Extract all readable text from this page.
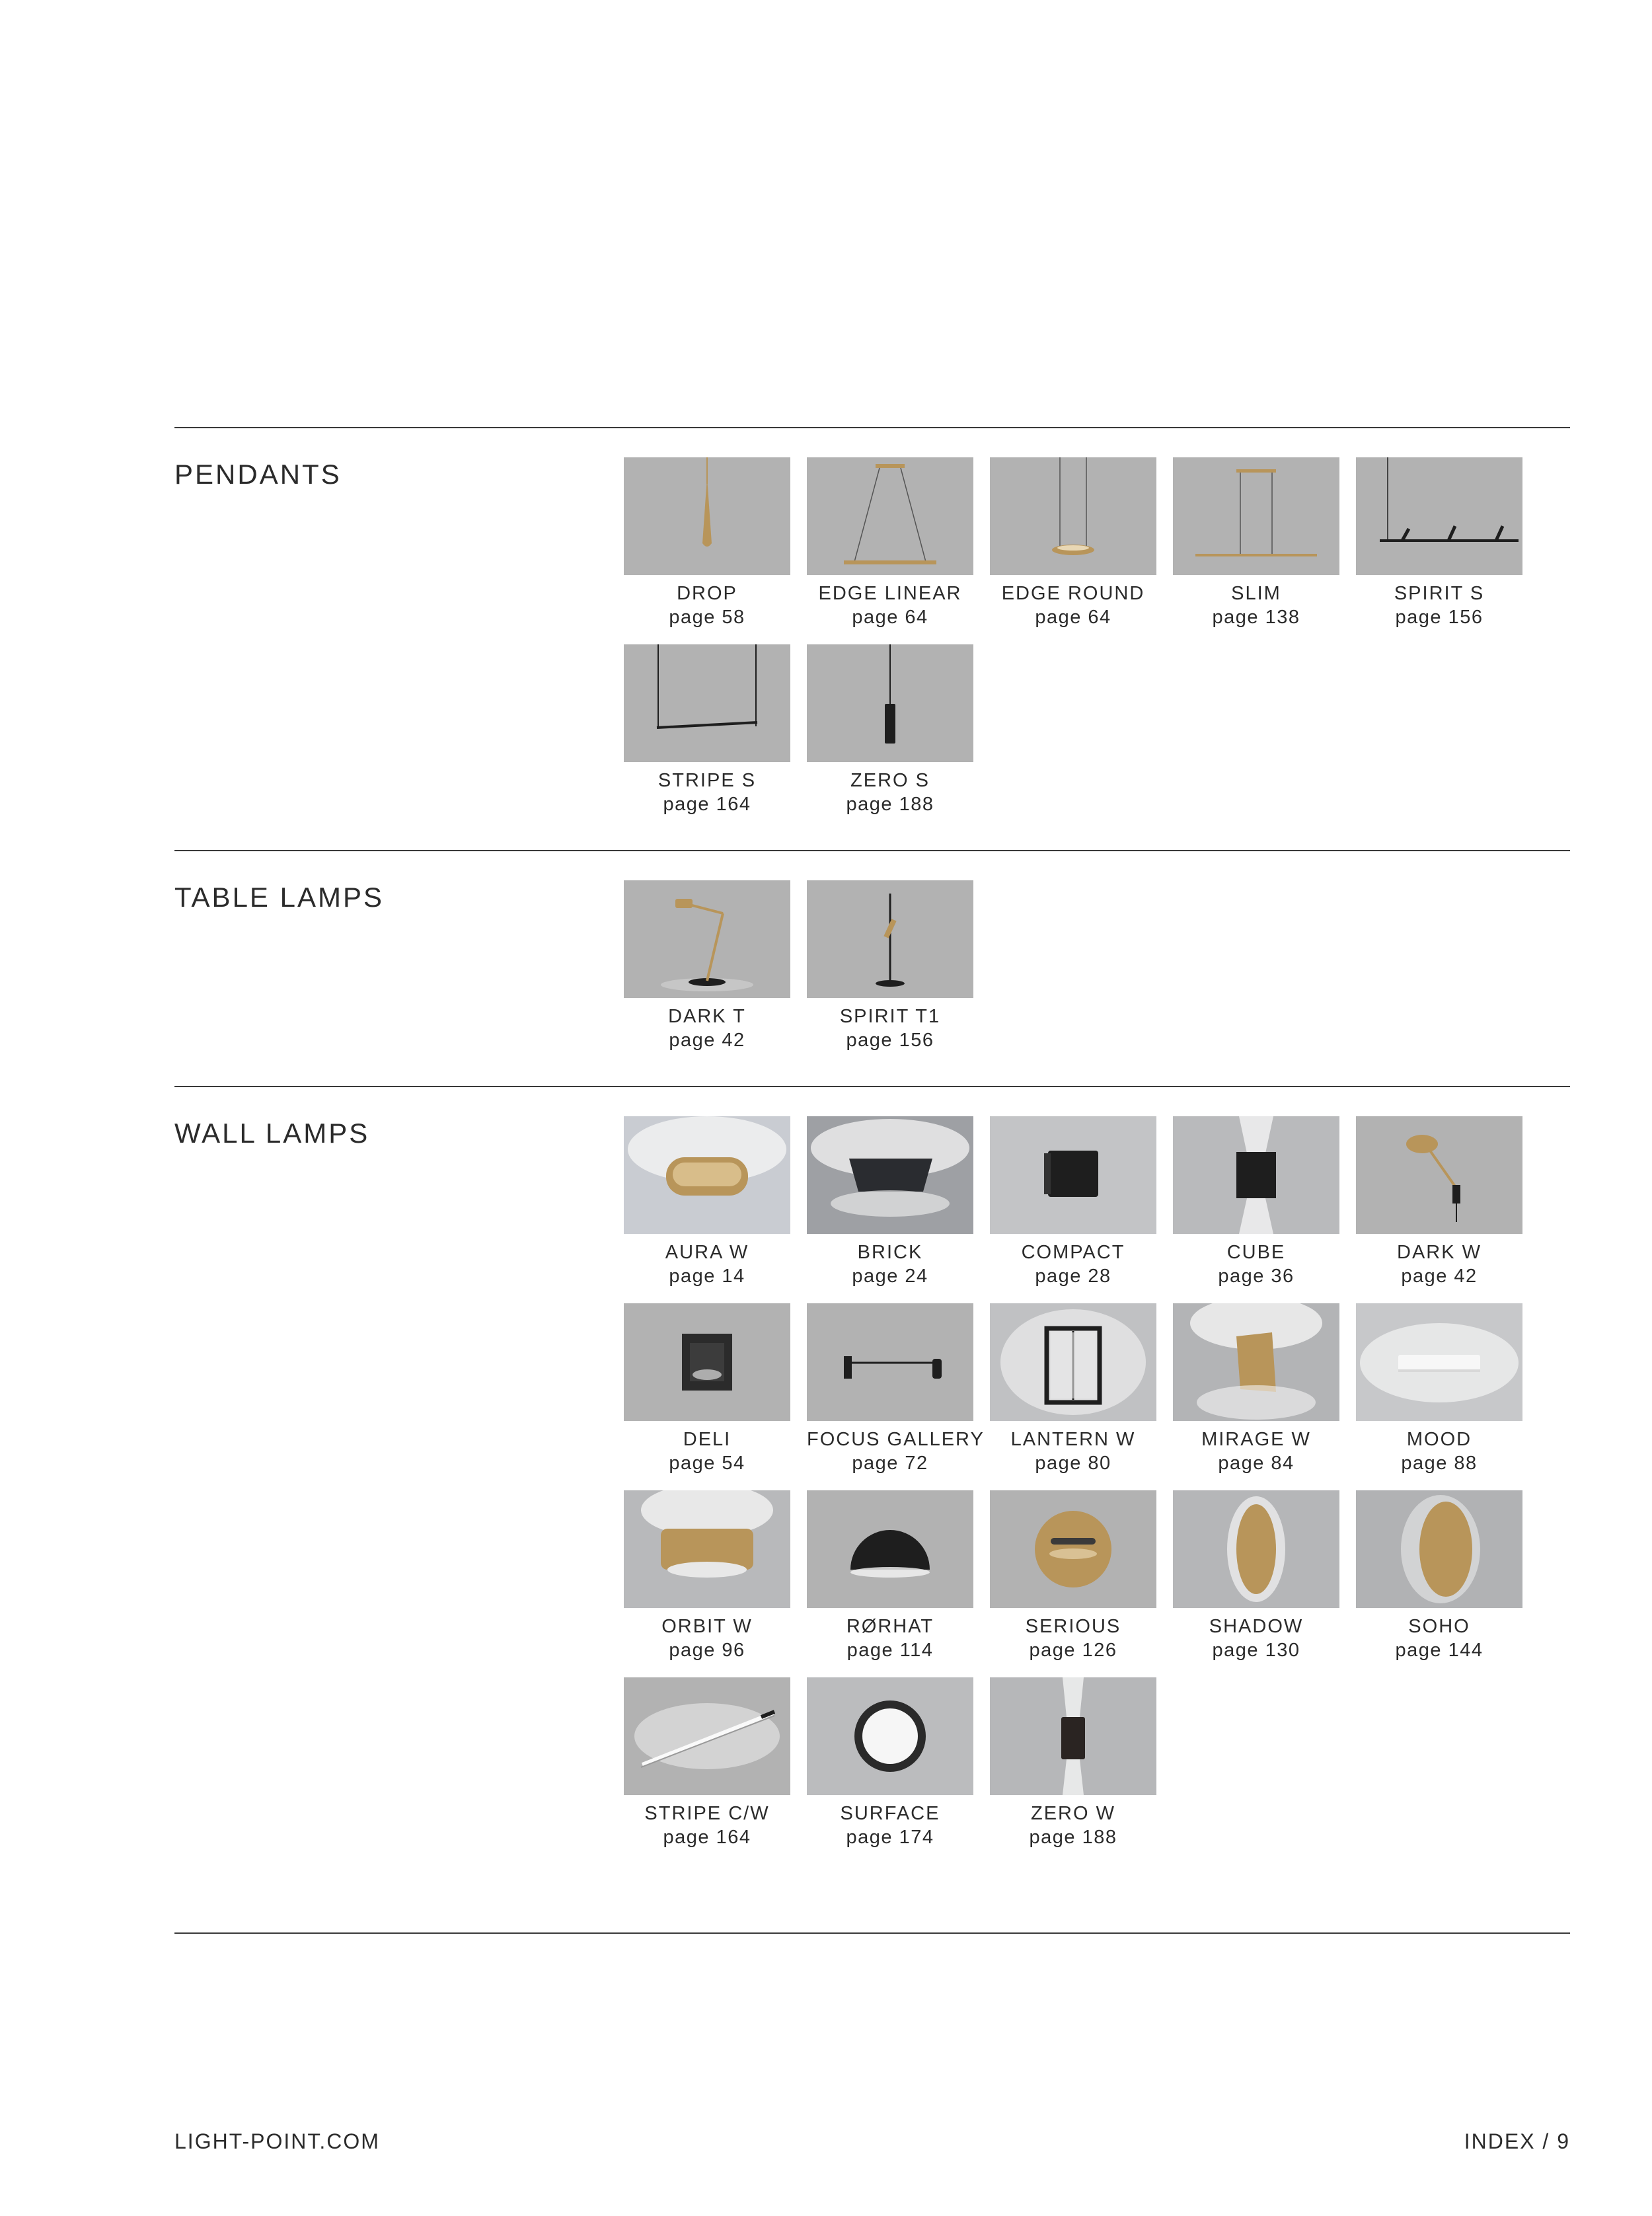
PENDANTS
TABLE LAMPS
WALL LAMPS
DROP
page 58
EDGE LINEAR
page 64
EDGE ROUND
page 64
SLIM
page 138
SPIRIT S
page 156
STRIPE S
page 164
ZERO S
page 188
DARK T
page 42
SPIRIT T1
page 156
AURA W
page 14
BRICK
page 24
COMPACT
page 28
CUBE
page 36
DARK W
page 42
DELI
page 54
FOCUS GALLERY
page 72
LANTERN W
page 80
MIRAGE W
page 84
MOOD
page 88
ORBIT W
page 96
RØRHAT
page 114
SERIOUS
page 126
SHADOW
page 130
SOHO
page 144
STRIPE C/W
page 164
SURFACE
page 174
ZERO W
page 188
LIGHT-POINT.COM	INDEX / 9
